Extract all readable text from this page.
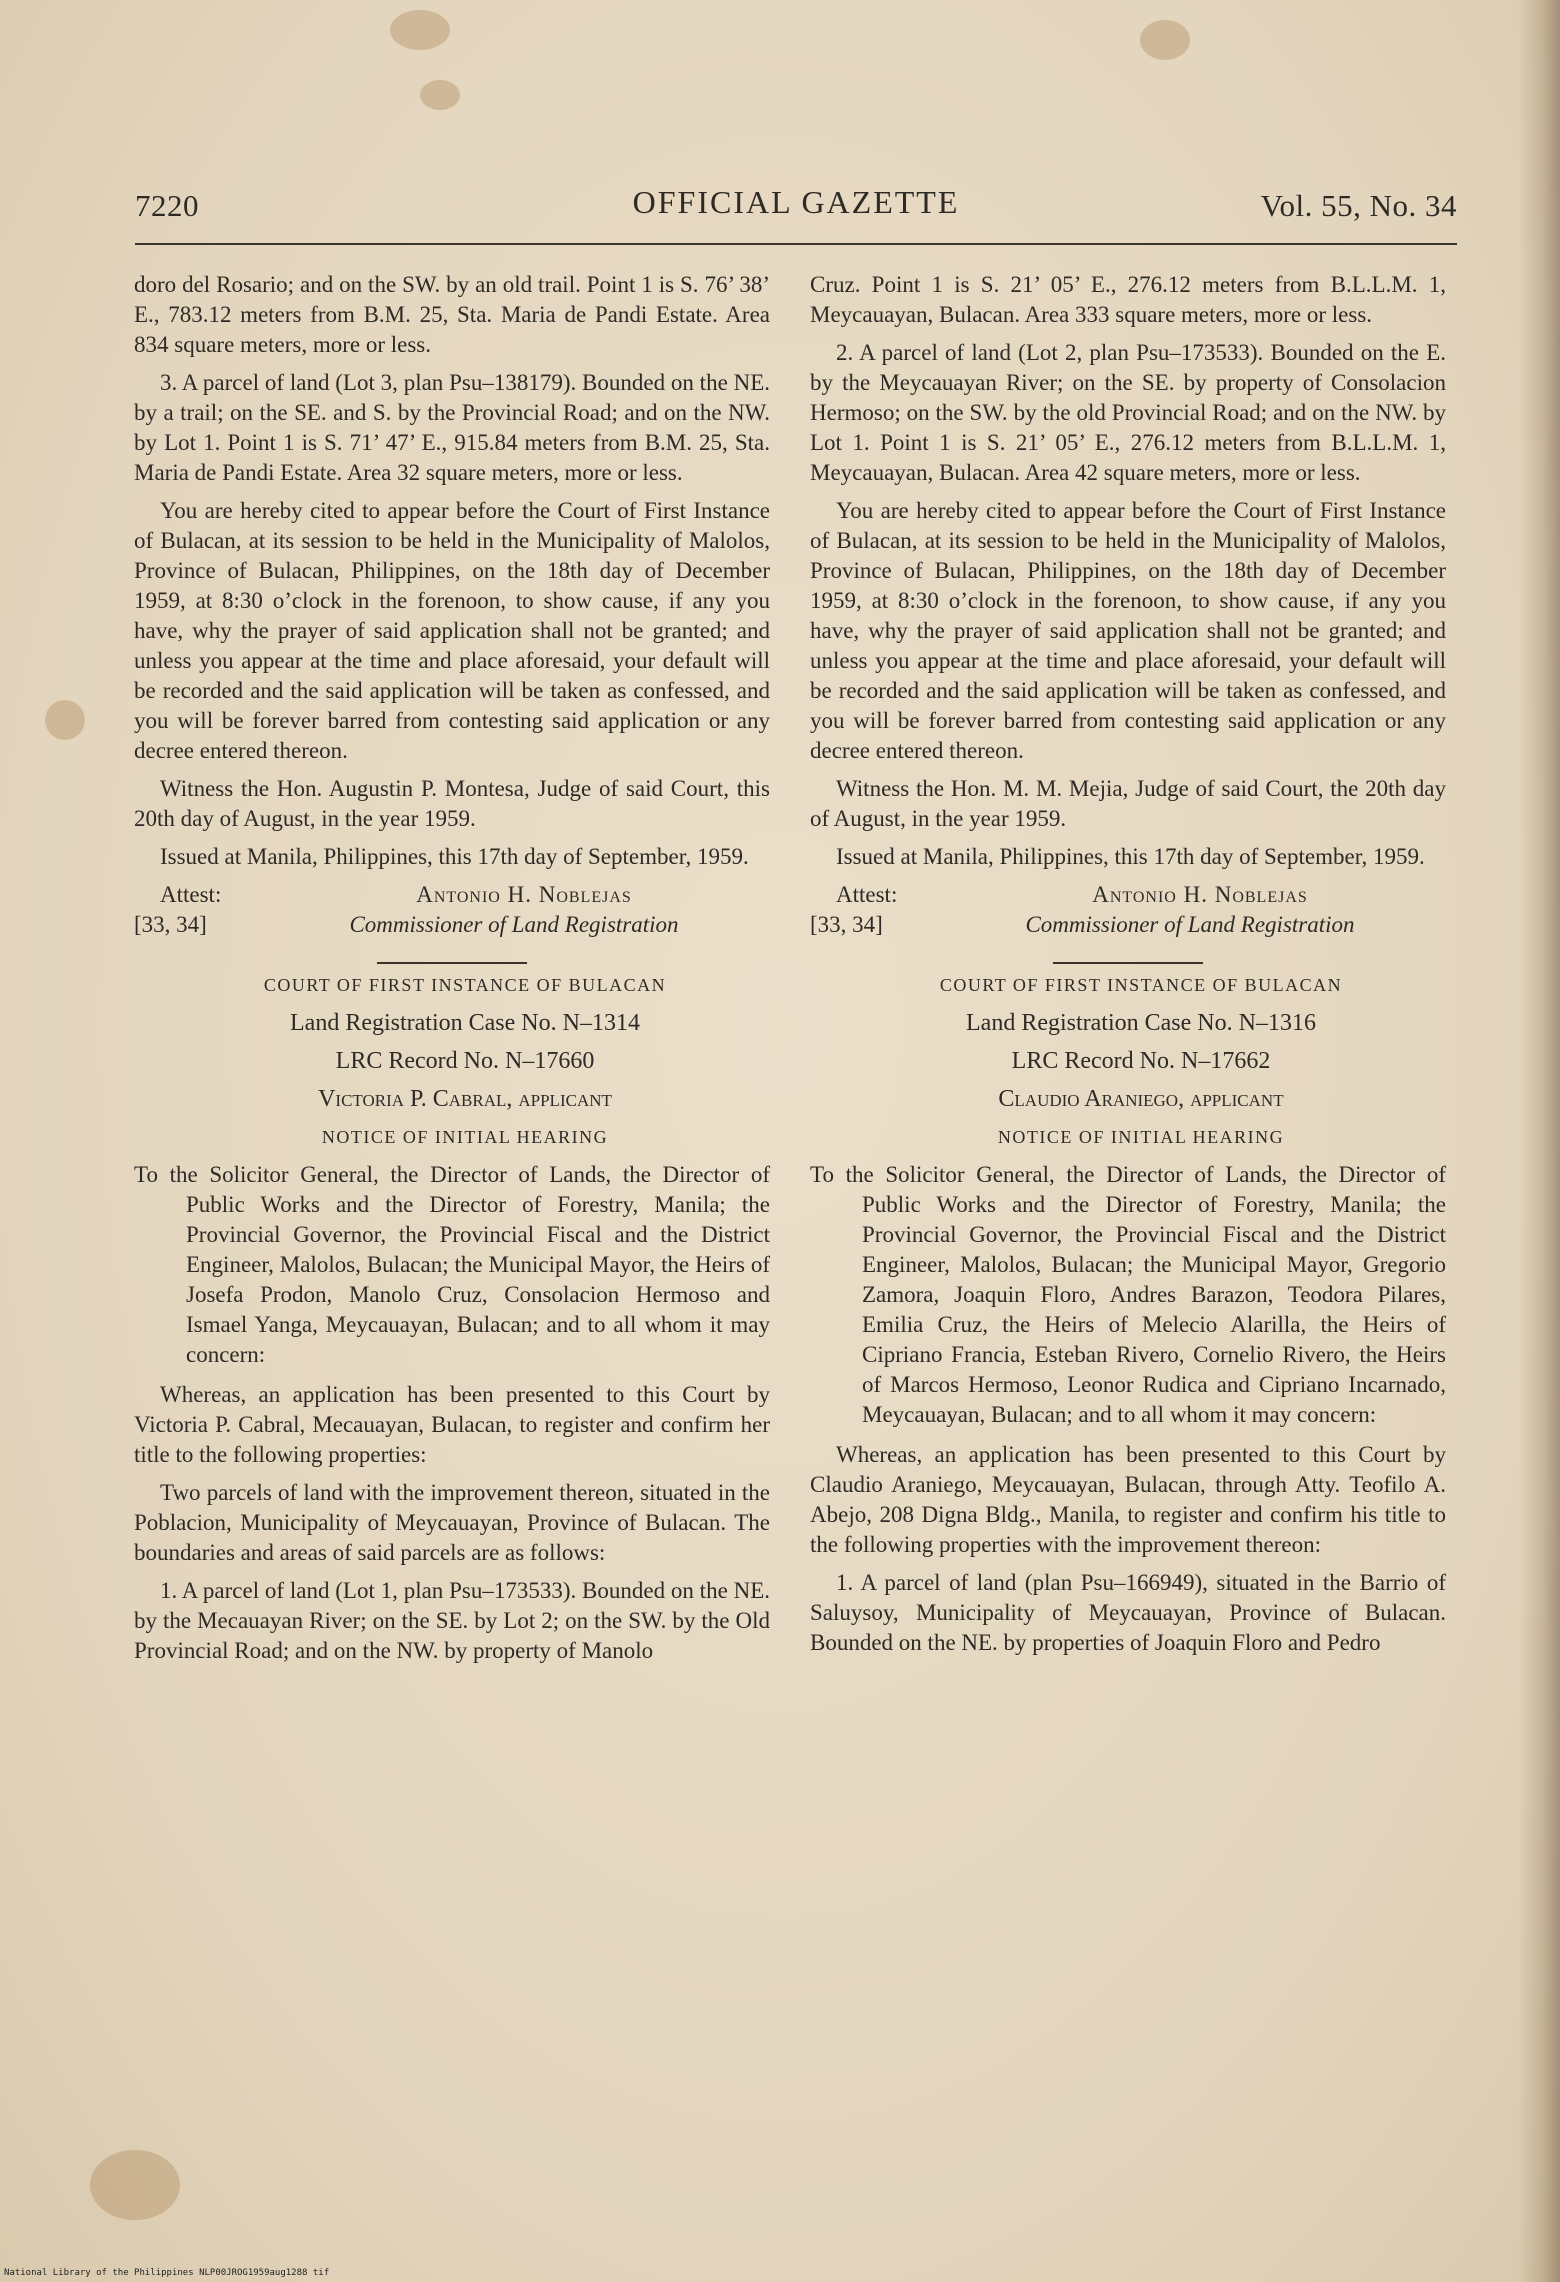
7220	OFFICIAL GAZETTE	Vol. 55, No. 34

doro del Rosario; and on the SW. by an old trail. Point 1 is S. 76’ 38’ E., 783.12 meters from B.M. 25, Sta. Maria de Pandi Estate. Area 834 square meters, more or less.

3. A parcel of land (Lot 3, plan Psu–138179). Bounded on the NE. by a trail; on the SE. and S. by the Provincial Road; and on the NW. by Lot 1. Point 1 is S. 71’ 47’ E., 915.84 meters from B.M. 25, Sta. Maria de Pandi Estate. Area 32 square meters, more or less.

You are hereby cited to appear before the Court of First Instance of Bulacan, at its session to be held in the Municipality of Malolos, Province of Bulacan, Philippines, on the 18th day of December 1959, at 8:30 o’clock in the forenoon, to show cause, if any you have, why the prayer of said application shall not be granted; and unless you appear at the time and place aforesaid, your default will be recorded and the said application will be taken as confessed, and you will be forever barred from contesting said application or any decree entered thereon.

Witness the Hon. Augustin P. Montesa, Judge of said Court, this 20th day of August, in the year 1959.

Issued at Manila, Philippines, this 17th day of September, 1959.

Attest:	Antonio H. Noblejas
[33, 34]	Commissioner of Land Registration

COURT OF FIRST INSTANCE OF BULACAN

Land Registration Case No. N–1314

LRC Record No. N–17660

Victoria P. Cabral, applicant

NOTICE OF INITIAL HEARING

To the Solicitor General, the Director of Lands, the Director of Public Works and the Director of Forestry, Manila; the Provincial Governor, the Provincial Fiscal and the District Engineer, Malolos, Bulacan; the Municipal Mayor, the Heirs of Josefa Prodon, Manolo Cruz, Consolacion Hermoso and Ismael Yanga, Meycauayan, Bulacan; and to all whom it may concern:

Whereas, an application has been presented to this Court by Victoria P. Cabral, Mecauayan, Bulacan, to register and confirm her title to the following properties:

Two parcels of land with the improvement thereon, situated in the Poblacion, Municipality of Meycauayan, Province of Bulacan. The boundaries and areas of said parcels are as follows:

1. A parcel of land (Lot 1, plan Psu–173533). Bounded on the NE. by the Mecauayan River; on the SE. by Lot 2; on the SW. by the Old Provincial Road; and on the NW. by property of Manolo

Cruz. Point 1 is S. 21’ 05’ E., 276.12 meters from B.L.L.M. 1, Meycauayan, Bulacan. Area 333 square meters, more or less.

2. A parcel of land (Lot 2, plan Psu–173533). Bounded on the E. by the Meycauayan River; on the SE. by property of Consolacion Hermoso; on the SW. by the old Provincial Road; and on the NW. by Lot 1. Point 1 is S. 21’ 05’ E., 276.12 meters from B.L.L.M. 1, Meycauayan, Bulacan. Area 42 square meters, more or less.

You are hereby cited to appear before the Court of First Instance of Bulacan, at its session to be held in the Municipality of Malolos, Province of Bulacan, Philippines, on the 18th day of December 1959, at 8:30 o’clock in the forenoon, to show cause, if any you have, why the prayer of said application shall not be granted; and unless you appear at the time and place aforesaid, your default will be recorded and the said application will be taken as confessed, and you will be forever barred from contesting said application or any decree entered thereon.

Witness the Hon. M. M. Mejia, Judge of said Court, the 20th day of August, in the year 1959.

Issued at Manila, Philippines, this 17th day of September, 1959.

Attest:	Antonio H. Noblejas
[33, 34]	Commissioner of Land Registration

COURT OF FIRST INSTANCE OF BULACAN

Land Registration Case No. N–1316

LRC Record No. N–17662

Claudio Araniego, applicant

NOTICE OF INITIAL HEARING

To the Solicitor General, the Director of Lands, the Director of Public Works and the Director of Forestry, Manila; the Provincial Governor, the Provincial Fiscal and the District Engineer, Malolos, Bulacan; the Municipal Mayor, Gregorio Zamora, Joaquin Floro, Andres Barazon, Teodora Pilares, Emilia Cruz, the Heirs of Melecio Alarilla, the Heirs of Cipriano Francia, Esteban Rivero, Cornelio Rivero, the Heirs of Marcos Hermoso, Leonor Rudica and Cipriano Incarnado, Meycauayan, Bulacan; and to all whom it may concern:

Whereas, an application has been presented to this Court by Claudio Araniego, Meycauayan, Bulacan, through Atty. Teofilo A. Abejo, 208 Digna Bldg., Manila, to register and confirm his title to the following properties with the improvement thereon:

1. A parcel of land (plan Psu–166949), situated in the Barrio of Saluysoy, Municipality of Meycauayan, Province of Bulacan. Bounded on the NE. by properties of Joaquin Floro and Pedro

National Library of the Philippines NLP00JROG1959aug1288 tif
